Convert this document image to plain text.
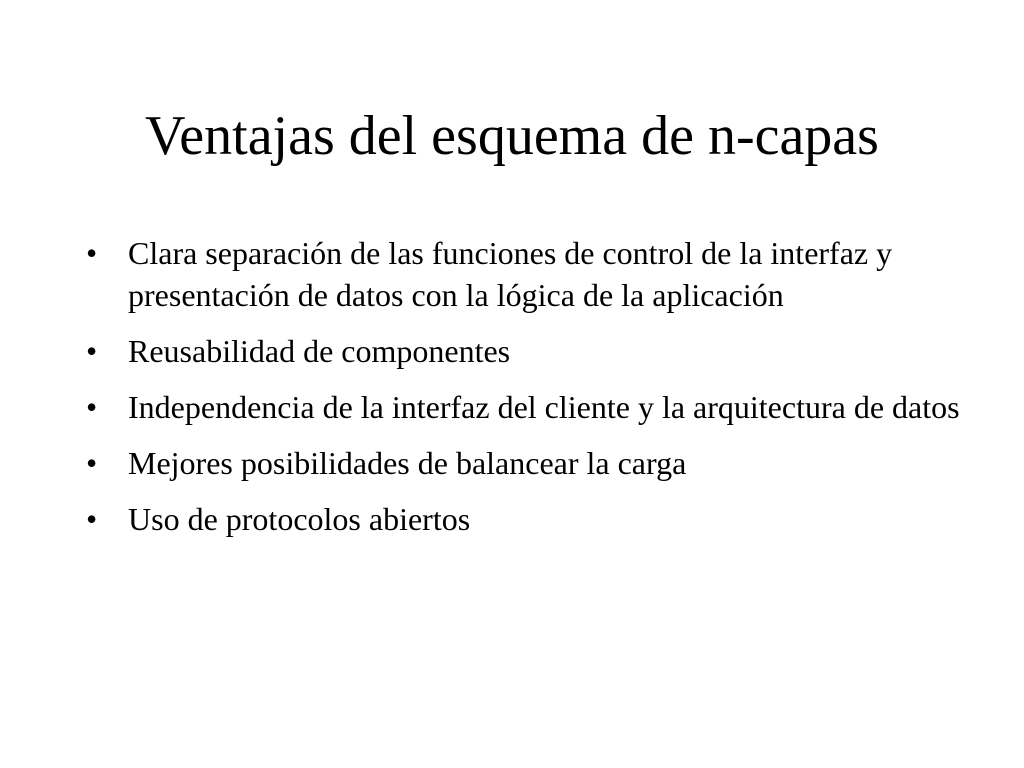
Ventajas del esquema de n-capas
• Clara separación de las funciones de control de la interfaz y presentación de datos con la lógica de la aplicación
• Reusabilidad de componentes
• Independencia de la interfaz del cliente y la arquitectura de datos
• Mejores posibilidades de balancear la carga
• Uso de protocolos abiertos
